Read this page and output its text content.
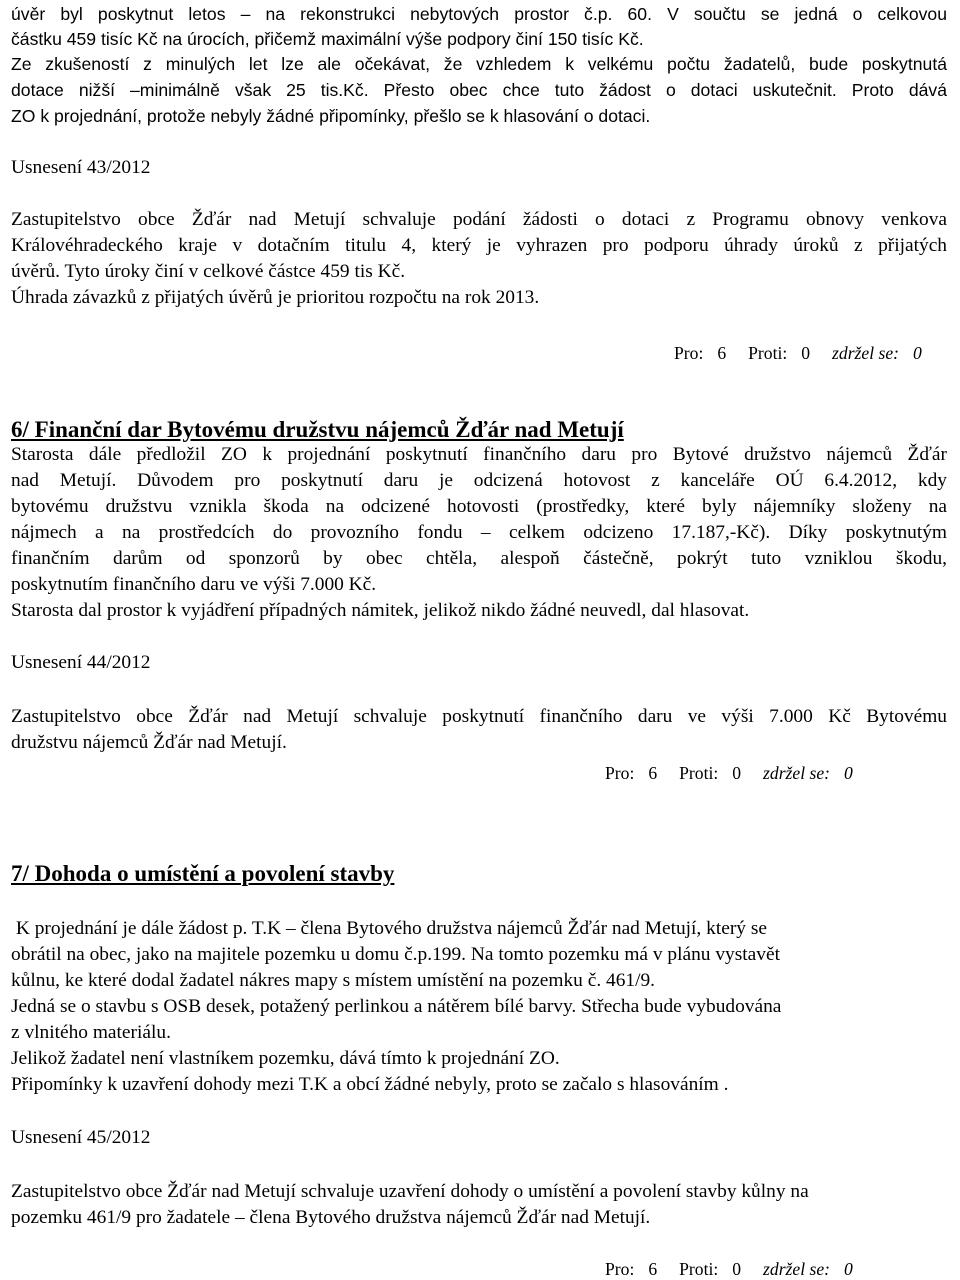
úvěr byl poskytnut letos – na rekonstrukci nebytových prostor č.p. 60. V součtu se jedná o celkovou
částku 459 tisíc Kč na úrocích, přičemž maximální výše podpory činí 150 tisíc Kč.
Ze zkušeností z minulých let lze ale očekávat, že vzhledem k velkému počtu žadatelů, bude poskytnutá
dotace nižší –minimálně však 25 tis.Kč. Přesto obec chce tuto žádost o dotaci uskutečnit. Proto dává
ZO k projednání, protože nebyly žádné připomínky, přešlo se k hlasování o dotaci.
Usnesení 43/2012
Zastupitelstvo obce Žďár nad Metují schvaluje podání žádosti o dotaci z Programu obnovy venkova
Královéhradeckého kraje v dotačním titulu 4, který je vyhrazen pro podporu úhrady úroků z přijatých
úvěrů. Tyto úroky činí v celkové částce 459 tis Kč.
Úhrada závazků z přijatých úvěrů je prioritou rozpočtu na rok 2013.
Pro: 6 Proti: 0 zdržel se: 0
6/ Finanční dar Bytovému družstvu nájemců Žďár nad Metují
Starosta dále předložil ZO k projednání poskytnutí finančního daru pro Bytové družstvo nájemců Žďár
nad Metují. Důvodem pro poskytnutí daru je odcizená hotovost z kanceláře OÚ 6.4.2012, kdy
bytovému družstvu vznikla škoda na odcizené hotovosti (prostředky, které byly nájemníky složeny na
nájmech a na prostředcích do provozního fondu – celkem odcizeno 17.187,-Kč). Díky poskytnutým
finančním darům od sponzorů by obec chtěla, alespoň částečně, pokrýt tuto vzniklou škodu,
poskytnutím finančního daru ve výši 7.000 Kč.
Starosta dal prostor k vyjádření případných námitek, jelikož nikdo žádné neuvedl, dal hlasovat.
Usnesení 44/2012
Zastupitelstvo obce Žďár nad Metují schvaluje poskytnutí finančního daru ve výši 7.000 Kč Bytovému
družstvu nájemců Žďár nad Metují.
Pro: 6 Proti: 0 zdržel se: 0
7/ Dohoda o umístění a povolení stavby
K projednání je dále žádost p. T.K – člena Bytového družstva nájemců Žďár nad Metují, který se
obrátil na obec, jako na majitele pozemku u domu č.p.199. Na tomto pozemku má v plánu vystavět
kůlnu, ke které dodal žadatel nákres mapy s místem umístění na pozemku č. 461/9.
Jedná se o stavbu s OSB desek, potažený perlinkou a nátěrem bílé barvy. Střecha bude vybudována
z vlnitého materiálu.
Jelikož žadatel není vlastníkem pozemku, dává tímto k projednání ZO.
Připomínky k uzavření dohody mezi T.K a obcí žádné nebyly, proto se začalo s hlasováním .
Usnesení 45/2012
Zastupitelstvo obce Žďár nad Metují schvaluje uzavření dohody o umístění a povolení stavby kůlny na
pozemku 461/9 pro žadatele – člena Bytového družstva nájemců Žďár nad Metují.
Pro: 6 Proti: 0 zdržel se: 0
